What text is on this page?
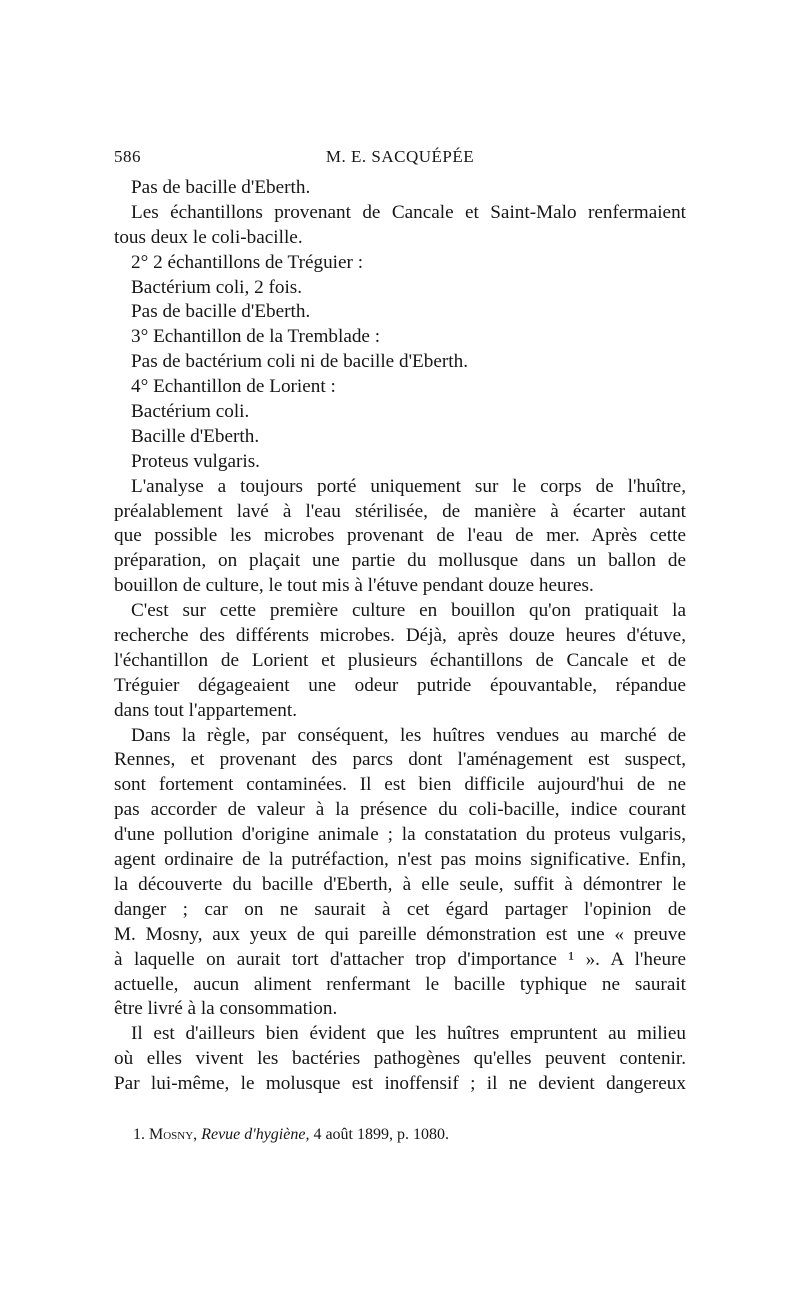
586	M. E. SACQUÉPÉE
Pas de bacille d'Eberth.
Les échantillons provenant de Cancale et Saint-Malo renfermaient
tous deux le coli-bacille.
2° 2 échantillons de Tréguier :
Bactérium coli, 2 fois.
Pas de bacille d'Eberth.
3° Echantillon de la Tremblade :
Pas de bactérium coli ni de bacille d'Eberth.
4° Echantillon de Lorient :
Bactérium coli.
Bacille d'Eberth.
Proteus vulgaris.
L'analyse a toujours porté uniquement sur le corps de l'huître,
préalablement lavé à l'eau stérilisée, de manière à écarter autant
que possible les microbes provenant de l'eau de mer. Après cette
préparation, on plaçait une partie du mollusque dans un ballon de
bouillon de culture, le tout mis à l'étuve pendant douze heures.
C'est sur cette première culture en bouillon qu'on pratiquait la
recherche des différents microbes. Déjà, après douze heures d'étuve,
l'échantillon de Lorient et plusieurs échantillons de Cancale et de
Tréguier dégageaient une odeur putride épouvantable, répandue
dans tout l'appartement.
Dans la règle, par conséquent, les huîtres vendues au marché de
Rennes, et provenant des parcs dont l'aménagement est suspect,
sont fortement contaminées. Il est bien difficile aujourd'hui de ne
pas accorder de valeur à la présence du coli-bacille, indice courant
d'une pollution d'origine animale ; la constatation du proteus vulgaris,
agent ordinaire de la putréfaction, n'est pas moins significative. Enfin,
la découverte du bacille d'Eberth, à elle seule, suffit à démontrer le
danger ; car on ne saurait à cet égard partager l'opinion de
M. Mosny, aux yeux de qui pareille démonstration est une « preuve
à laquelle on aurait tort d'attacher trop d'importance ¹ ». A l'heure
actuelle, aucun aliment renfermant le bacille typhique ne saurait
être livré à la consommation.
Il est d'ailleurs bien évident que les huîtres empruntent au milieu
où elles vivent les bactéries pathogènes qu'elles peuvent contenir.
Par lui-même, le molusque est inoffensif ; il ne devient dangereux
1. Mosny, Revue d'hygiène, 4 août 1899, p. 1080.
